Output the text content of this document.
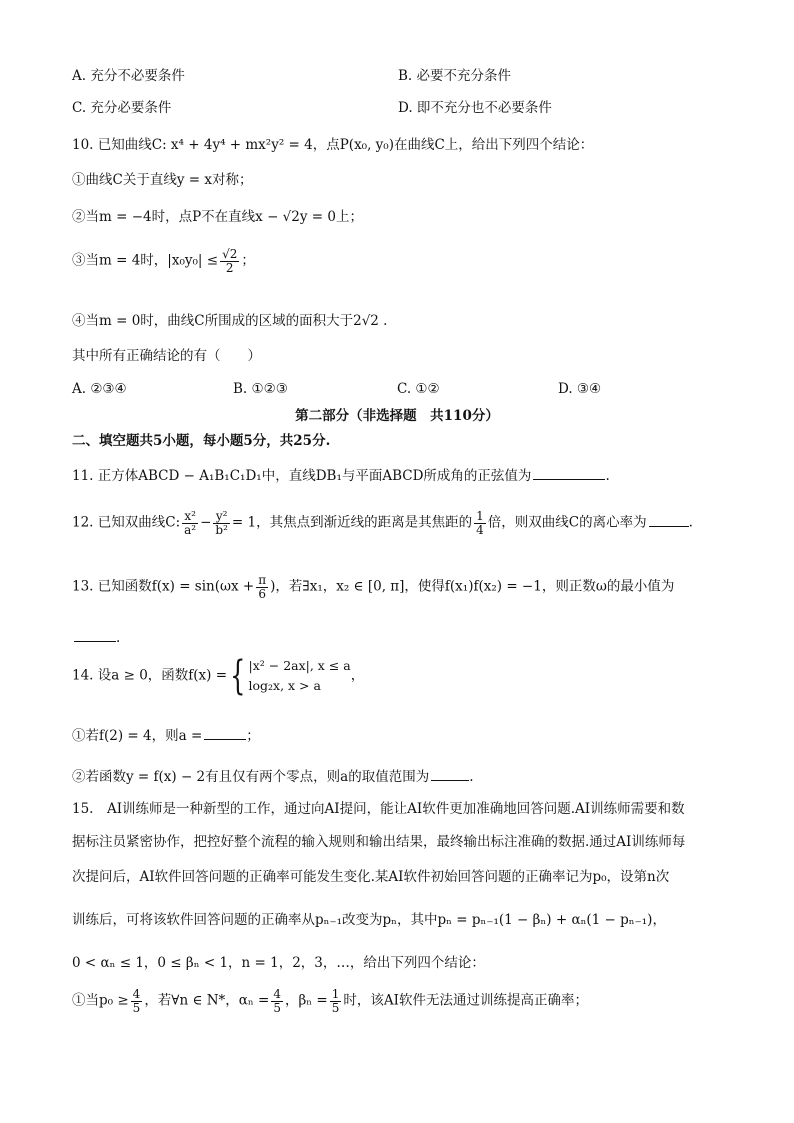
A. 充分不必要条件	B. 必要不充分条件
C. 充分必要条件	D. 即不充分也不必要条件
10. 已知曲线C: x⁴ + 4y⁴ + mx²y² = 4，点P(x₀, y₀)在曲线C上，给出下列四个结论：
①曲线C关于直线y = x对称；
②当m = −4时，点P不在直线x − √2y = 0上；
③当m = 4时，$|x_0y_0| \le \frac{√2}{2}$ ；
④当m = 0时，曲线C所围成的区域的面积大于2√2 .
其中所有正确结论的有（　　）
A. ②③④	B. ①②③	C. ①②	D. ③④
第二部分（非选择题　共110分）
二、填空题共5小题，每小题5分，共25分.
11. 正方体ABCD − A₁B₁C₁D₁中，直线DB₁与平面ABCD所成角的正弦值为	.
12. 已知双曲线C: $\frac{\text{x²}}{\text{a²}} - \frac{\text{y²}}{\text{b²}} = 1$，其焦点到渐近线的距离是其焦距的 $\frac{1}{4}$ 倍，则双曲线C的离心率为	.
13. 已知函数$f(x) = \sin(\omega x + \frac{\pi}{6}$ )，若∃x₁，x₂ ∈ [0, π]，使得f(x₁)f(x₂) = −1，则正数ω的最小值为
.
14. 设a ≥ 0，函数f(x) ={ |x² − 2ax|, x ≤ a
log₂x, x > a
，
①若f(2) = 4，则a =	；
②若函数y = f(x) − 2有且仅有两个零点，则a的取值范围为	.
15.　AI训练师是一种新型的工作，通过向AI提问，能让AI软件更加准确地回答问题.AI训练师需要和数
据标注员紧密协作，把控好整个流程的输入规则和输出结果，最终输出标注准确的数据.通过AI训练师每
次提问后，AI软件回答问题的正确率可能发生变化.某AI软件初始回答问题的正确率记为p₀，设第n次
训练后，可将该软件回答问题的正确率从pₙ₋₁改变为pₙ，其中pₙ = pₙ₋₁(1 − βₙ) + αₙ(1 − pₙ₋₁)，
0 < αₙ ≤ 1，0 ≤ βₙ < 1，n = 1，2，3，…，给出下列四个结论：
①当$p_0 \ge \frac{4}{5}$ ，若∀n ∈ N*，$\alpha_n = \frac{4}{5}$ ，$\beta_n = \frac{1}{5}$ 时，该AI软件无法通过训练提高正确率；
